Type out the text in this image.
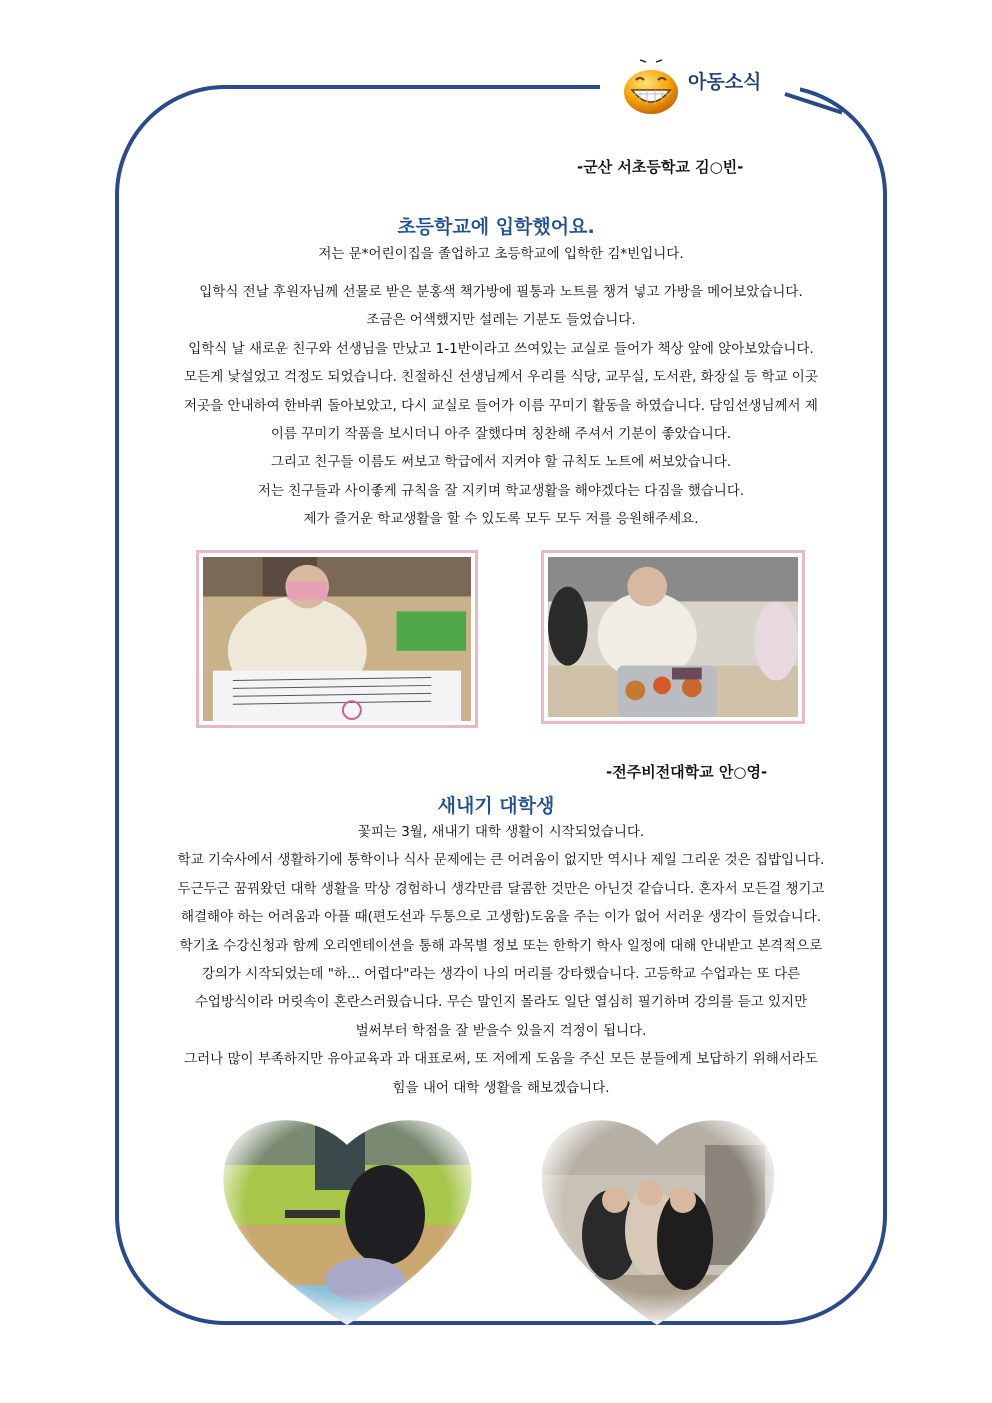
아동소식
-군산 서초등학교 김○빈-
초등학교에 입학했어요.
저는 문*어린이집을 졸업하고 초등학교에 입학한 김*빈입니다.
입학식 전날 후원자님께 선물로 받은 분홍색 책가방에 필통과 노트를 챙겨 넣고 가방을 메어보았습니다.
조금은 어색했지만 설레는 기분도 들었습니다.
입학식 날 새로운 친구와 선생님을 만났고 1-1반이라고 쓰여있는 교실로 들어가 책상 앞에 앉아보았습니다.
모든게 낯설었고 걱정도 되었습니다. 친절하신 선생님께서 우리를 식당, 교무실, 도서관, 화장실 등 학교 이곳
저곳을 안내하여 한바퀴 돌아보았고, 다시 교실로 들어가 이름 꾸미기 활동을 하였습니다. 담임선생님께서 제
이름 꾸미기 작품을 보시더니 아주 잘했다며 칭찬해 주셔서 기분이 좋았습니다.
그리고 친구들 이름도 써보고 학급에서 지켜야 할 규칙도 노트에 써보았습니다.
저는 친구들과 사이좋게 규칙을 잘 지키며 학교생활을 해야겠다는 다짐을 했습니다.
제가 즐거운 학교생활을 할 수 있도록 모두 모두 저를 응원해주세요.
-전주비전대학교 안○영-
새내기 대학생
꽃피는 3월, 새내기 대학 생활이 시작되었습니다.
학교 기숙사에서 생활하기에 통학이나 식사 문제에는 큰 어려움이 없지만 역시나 제일 그리운 것은 집밥입니다.
두근두근 꿈꿔왔던 대학 생활을 막상 경험하니 생각만큼 달콤한 것만은 아닌것 같습니다. 혼자서 모든걸 챙기고
해결해야 하는 어려움과 아플 때(편도선과 두통으로 고생함)도움을 주는 이가 없어 서러운 생각이 들었습니다.
학기초 수강신청과 함께 오리엔테이션을 통해 과목별 정보 또는 한학기 학사 일정에 대해 안내받고 본격적으로
강의가 시작되었는데 "하... 어렵다"라는 생각이 나의 머리를 강타했습니다. 고등학교 수업과는 또 다른
수업방식이라 머릿속이 혼란스러웠습니다. 무슨 말인지 몰라도 일단 열심히 필기하며 강의를 듣고 있지만
벌써부터 학점을 잘 받을수 있을지 걱정이 됩니다.
그러나 많이 부족하지만 유아교육과 과 대표로써, 또 저에게 도움을 주신 모든 분들에게 보답하기 위해서라도
힘을 내어 대학 생활을 해보겠습니다.
